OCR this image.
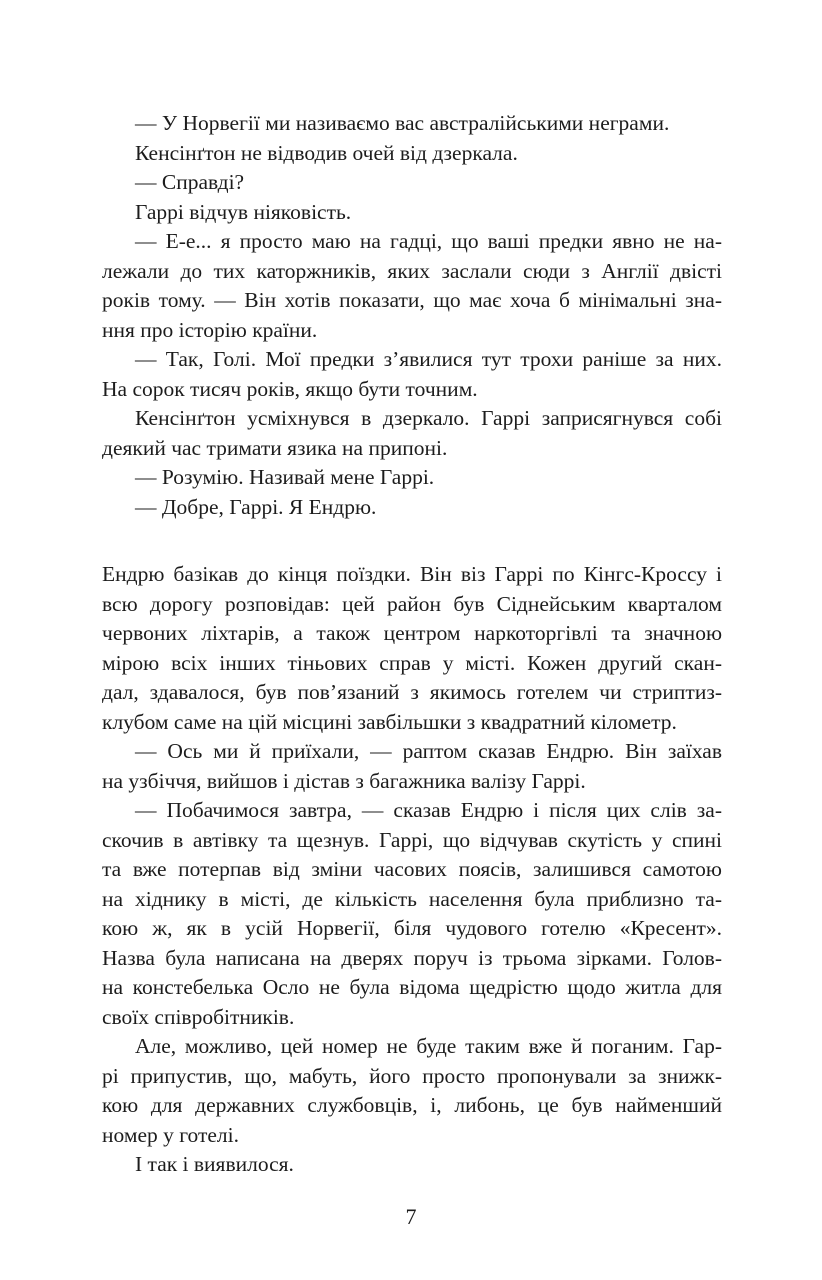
— У Норвегії ми називаємо вас австралійськими неграми.
Кенсінґтон не відводив очей від дзеркала.
— Справді?
Гаррі відчув ніяковість.
— Е-е... я просто маю на гадці, що ваші предки явно не на-
лежали до тих каторжників, яких заслали сюди з Англії двісті
років тому. — Він хотів показати, що має хоча б мінімальні зна-
ння про історію країни.
— Так, Голі. Мої предки з’явилися тут трохи раніше за них.
На сорок тисяч років, якщо бути точним.
Кенсінґтон усміхнувся в дзеркало. Гаррі заприсягнувся собі
деякий час тримати язика на припоні.
— Розумію. Називай мене Гаррі.
— Добре, Гаррі. Я Ендрю.
Ендрю базікав до кінця поїздки. Він віз Гаррі по Кінгс-Кроссу і
всю дорогу розповідав: цей район був Сіднейським кварталом
червоних ліхтарів, а також центром наркоторгівлі та значною
мірою всіх інших тіньових справ у місті. Кожен другий скан-
дал, здавалося, був пов’язаний з якимось готелем чи стриптиз-
клубом саме на цій місцині завбільшки з квадратний кілометр.
— Ось ми й приїхали, — раптом сказав Ендрю. Він заїхав
на узбіччя, вийшов і дістав з багажника валізу Гаррі.
— Побачимося завтра, — сказав Ендрю і після цих слів за-
скочив в автівку та щезнув. Гаррі, що відчував скутість у спині
та вже потерпав від зміни часових поясів, залишився самотою
на хіднику в місті, де кількість населення була приблизно та-
кою ж, як в усій Норвегії, біля чудового готелю «Кресент».
Назва була написана на дверях поруч із трьома зірками. Голов-
на констебелька Осло не була відома щедрістю щодо житла для
своїх співробітників.
Але, можливо, цей номер не буде таким вже й поганим. Гар-
рі припустив, що, мабуть, його просто пропонували за знижк-
кою для державних службовців, і, либонь, це був найменший
номер у готелі.
І так і виявилося.
7
